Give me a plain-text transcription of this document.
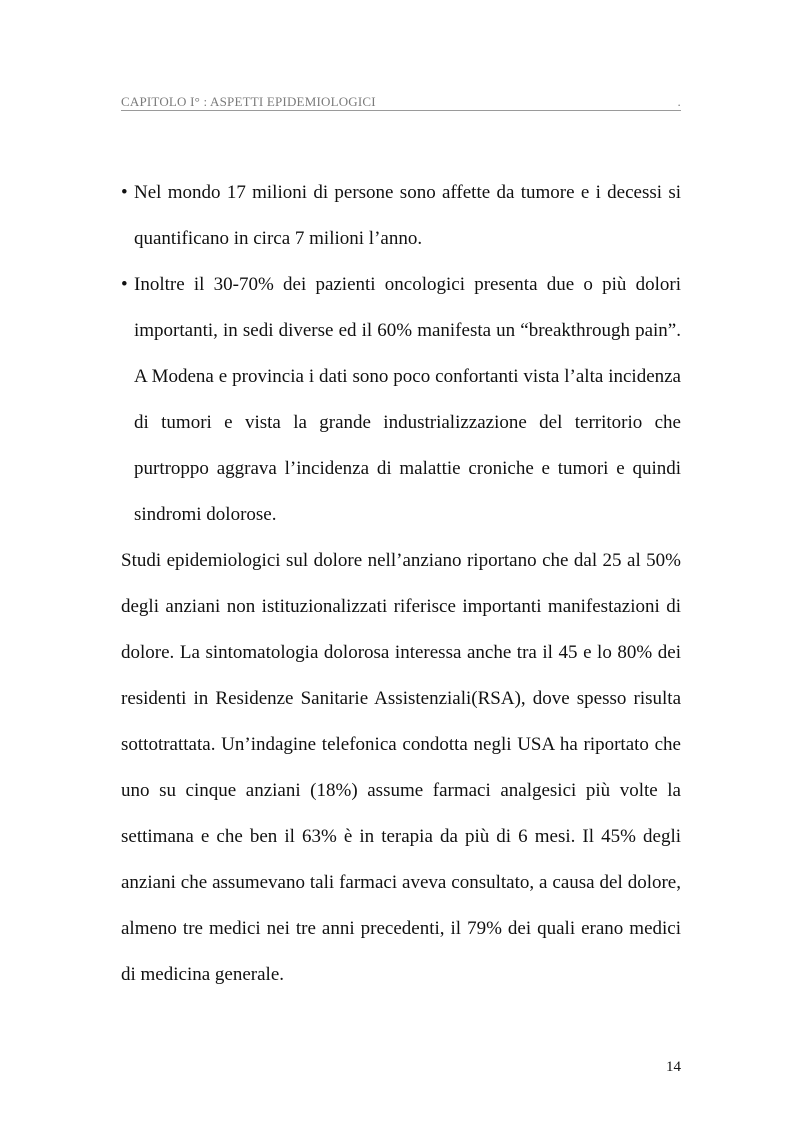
CAPITOLO I° : ASPETTI EPIDEMIOLOGICI	.
• Nel mondo 17 milioni di persone sono affette da tumore e i decessi si quantificano in circa 7 milioni l’anno.
• Inoltre il 30-70% dei pazienti oncologici presenta due o più dolori importanti, in sedi diverse ed il 60% manifesta un “breakthrough pain”. A Modena e provincia i dati sono poco confortanti vista l’alta incidenza di tumori e vista la grande industrializzazione del territorio che purtroppo aggrava l’incidenza di malattie croniche e tumori e quindi sindromi dolorose.

Studi epidemiologici sul dolore nell’anziano riportano che dal 25 al 50% degli anziani non istituzionalizzati riferisce importanti manifestazioni di dolore. La sintomatologia dolorosa interessa anche tra il 45 e lo 80% dei residenti in Residenze Sanitarie Assistenziali(RSA), dove spesso risulta sottotrattata. Un’indagine telefonica condotta negli USA ha riportato che uno su cinque anziani (18%) assume farmaci analgesici più volte la settimana e che ben il 63% è in terapia da più di 6 mesi. Il 45% degli anziani che assumevano tali farmaci aveva consultato, a causa del dolore, almeno tre medici nei tre anni precedenti, il 79% dei quali erano medici di medicina generale.

14
